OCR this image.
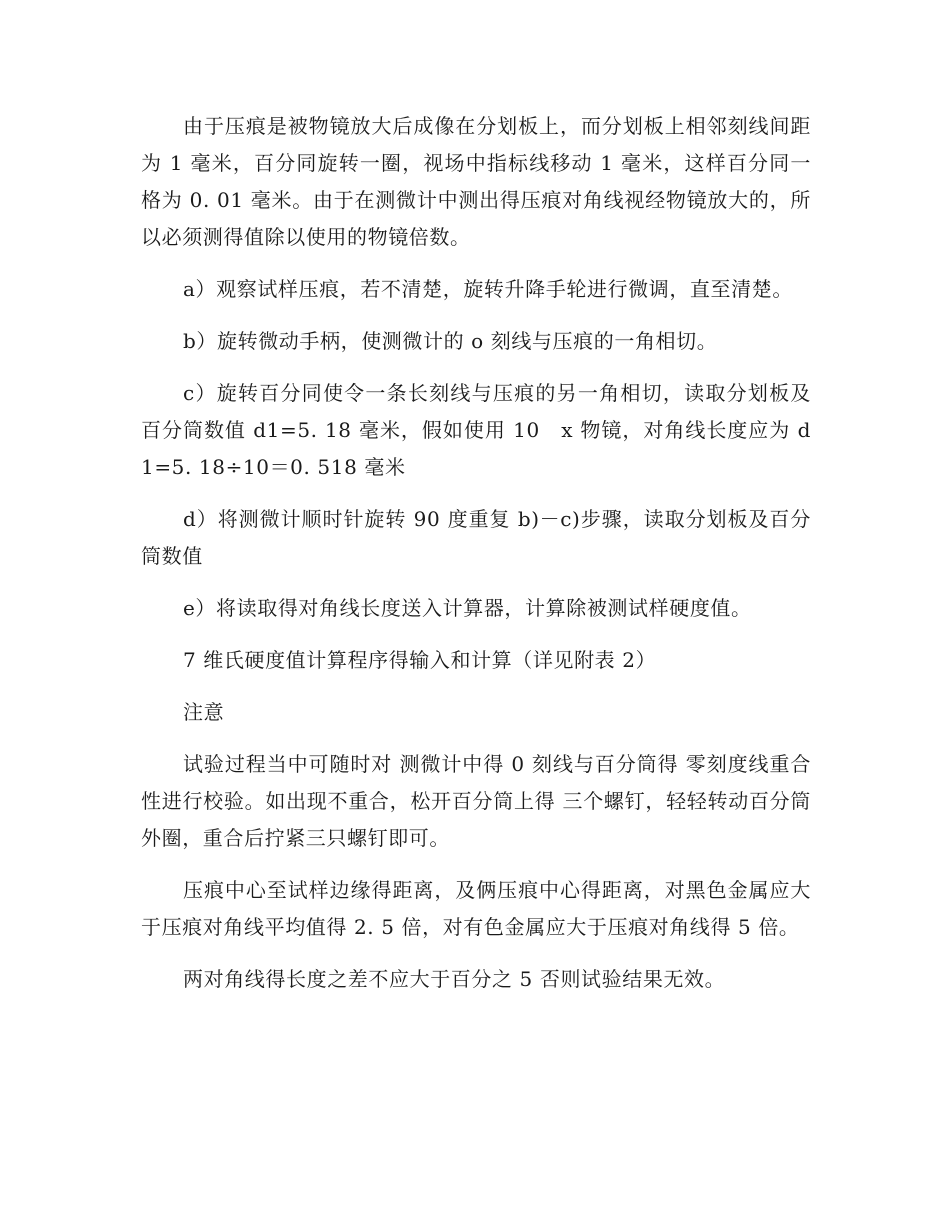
由于压痕是被物镜放大后成像在分划板上，而分划板上相邻刻线间距为 1 毫米，百分同旋转一圈，视场中指标线移动 1 毫米，这样百分同一格为 0. 01 毫米。由于在测微计中测出得压痕对角线视经物镜放大的，所以必须测得值除以使用的物镜倍数。

a）观察试样压痕，若不清楚，旋转升降手轮进行微调，直至清楚。

b）旋转微动手柄，使测微计的 o 刻线与压痕的一角相切。

c）旋转百分同使令一条长刻线与压痕的另一角相切，读取分划板及百分筒数值 d1=5. 18 毫米，假如使用 10　x 物镜，对角线长度应为 d1=5. 18÷10＝0. 518 毫米

d）将测微计顺时针旋转 90 度重复 b)－c)步骤，读取分划板及百分筒数值

e）将读取得对角线长度送入计算器，计算除被测试样硬度值。

7 维氏硬度值计算程序得输入和计算（详见附表 2）

注意

试验过程当中可随时对 测微计中得 0 刻线与百分筒得 零刻度线重合性进行校验。如出现不重合，松开百分筒上得 三个螺钉，轻轻转动百分筒外圈，重合后拧紧三只螺钉即可。

压痕中心至试样边缘得距离，及俩压痕中心得距离，对黑色金属应大于压痕对角线平均值得 2. 5 倍，对有色金属应大于压痕对角线得 5 倍。

两对角线得长度之差不应大于百分之 5 否则试验结果无效。
